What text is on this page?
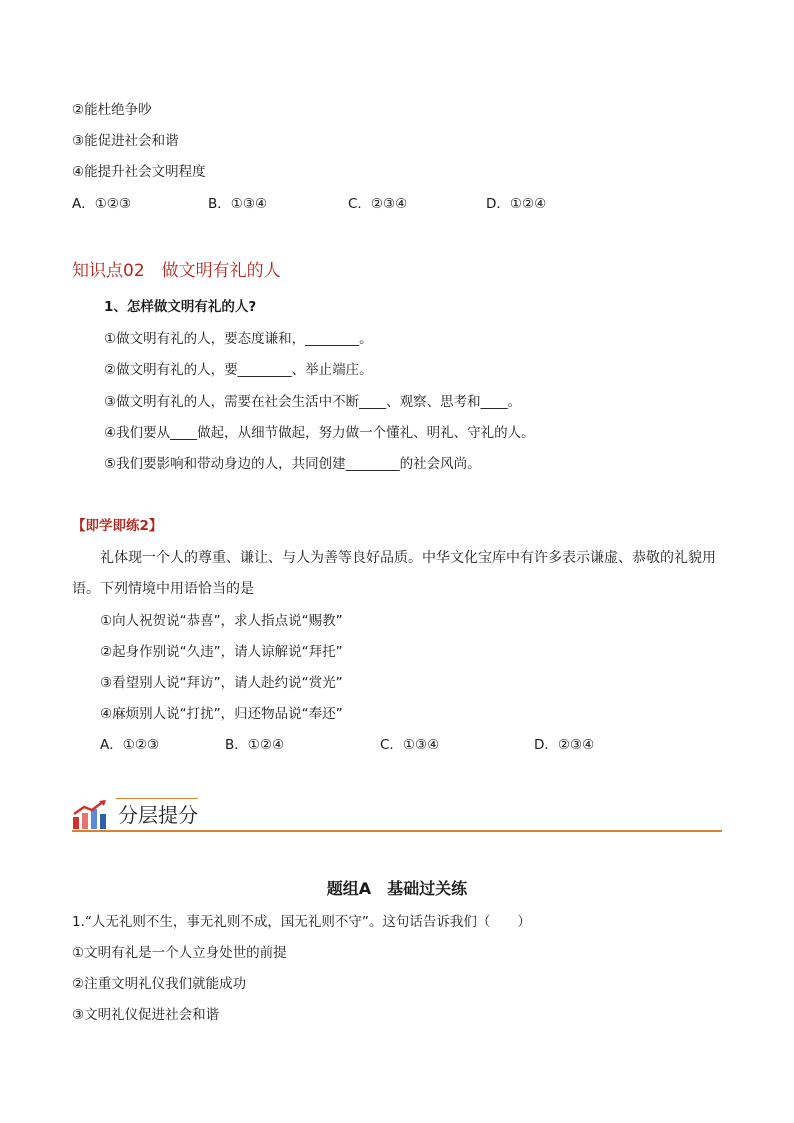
②能杜绝争吵
③能促进社会和谐
④能提升社会文明程度
A．①②③	B．①③④	C．②③④	D．①②④
知识点02　做文明有礼的人
1、怎样做文明有礼的人?
①做文明有礼的人，要态度谦和，________。
②做文明有礼的人，要________、举止端庄。
③做文明有礼的人，需要在社会生活中不断____、观察、思考和____。
④我们要从____做起，从细节做起，努力做一个懂礼、明礼、守礼的人。
⑤我们要影响和带动身边的人，共同创建________的社会风尚。
【即学即练2】
礼体现一个人的尊重、谦让、与人为善等良好品质。中华文化宝库中有许多表示谦虚、恭敬的礼貌用
语。下列情境中用语恰当的是
①向人祝贺说“恭喜”，求人指点说“赐教”
②起身作别说“久违”，请人谅解说“拜托”
③看望别人说“拜访”，请人赴约说“赏光”
④麻烦别人说“打扰”，归还物品说“奉还”
A．①②③	B．①②④	C．①③④	D．②③④
分层提分
题组A　基础过关练
1.“人无礼则不生，事无礼则不成，国无礼则不守”。这句话告诉我们（　　）
①文明有礼是一个人立身处世的前提
②注重文明礼仪我们就能成功
③文明礼仪促进社会和谐
